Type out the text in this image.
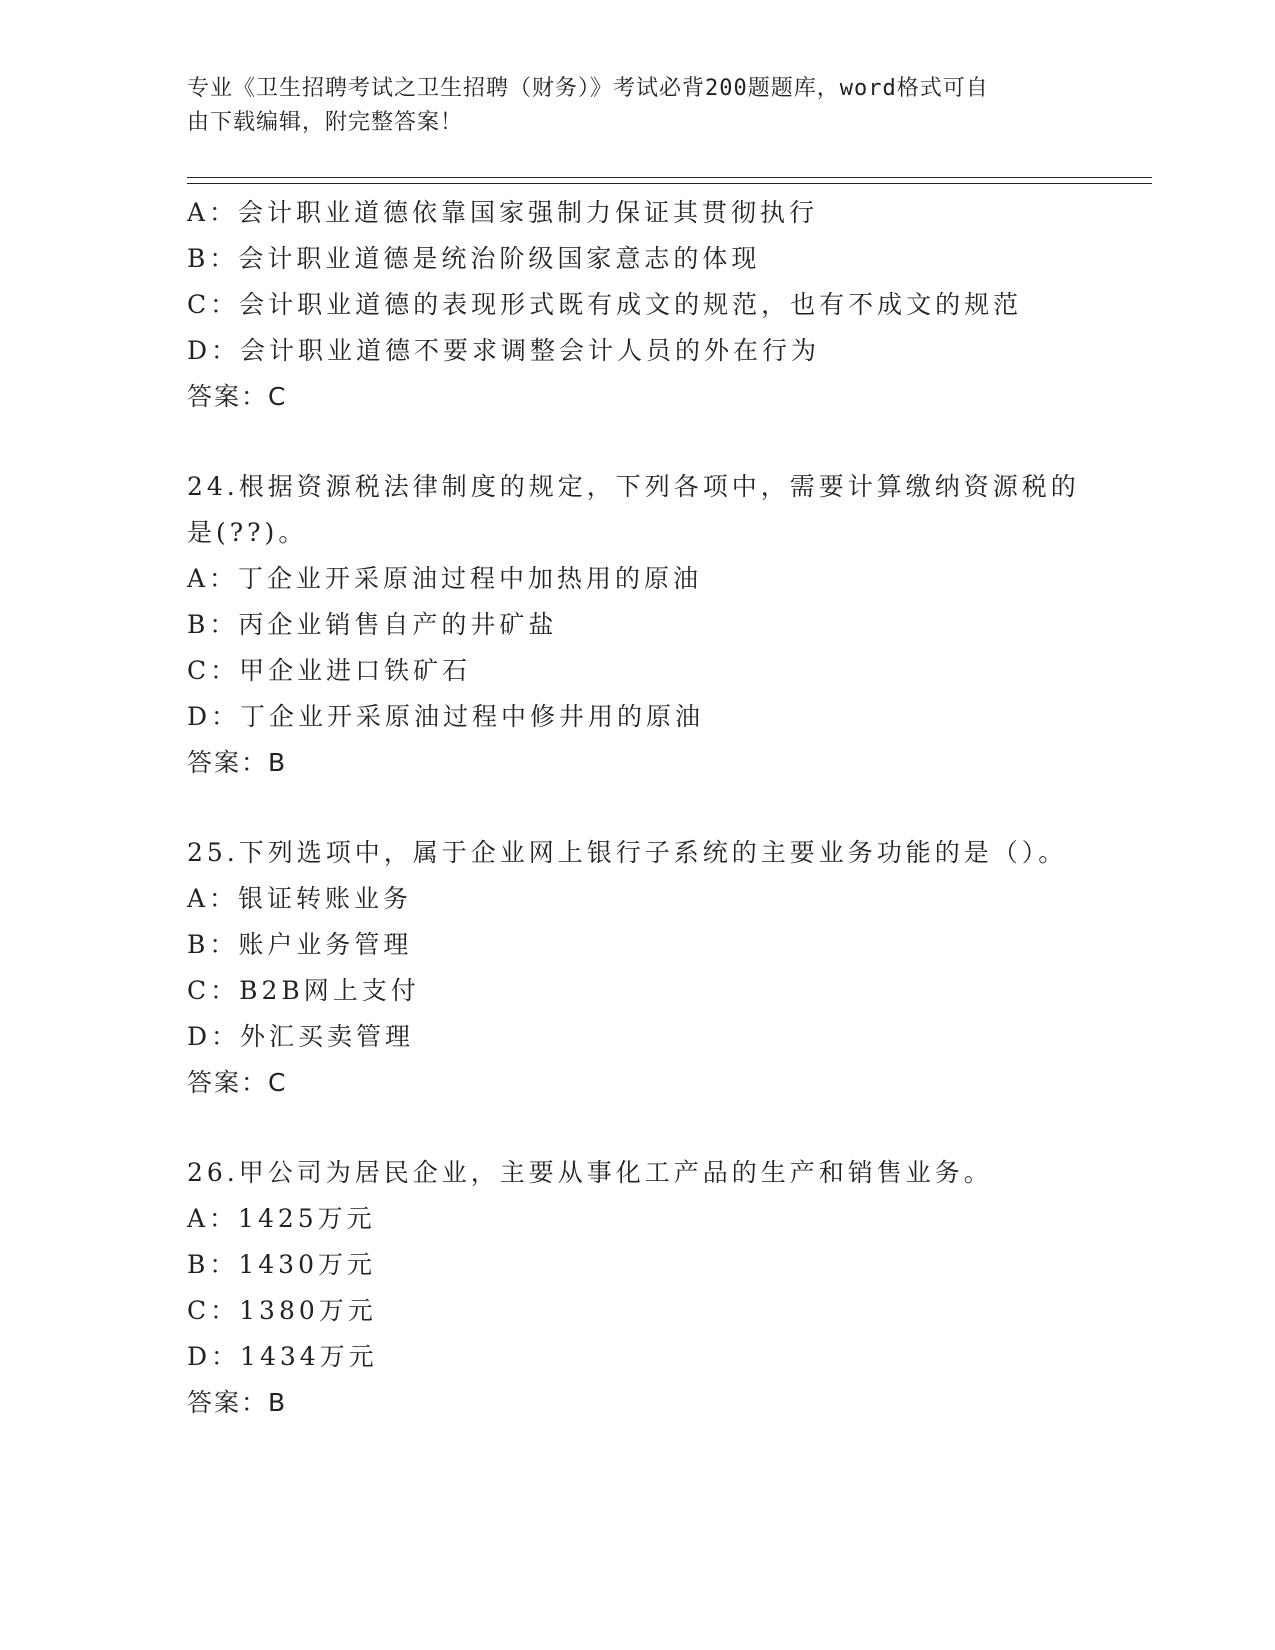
专业《卫生招聘考试之卫生招聘（财务）》考试必背200题题库，word格式可自
由下载编辑，附完整答案！
A：会计职业道德依靠国家强制力保证其贯彻执行
B：会计职业道德是统治阶级国家意志的体现
C：会计职业道德的表现形式既有成文的规范，也有不成文的规范
D：会计职业道德不要求调整会计人员的外在行为
答案：C
24.根据资源税法律制度的规定，下列各项中，需要计算缴纳资源税的
是(??)。
A：丁企业开采原油过程中加热用的原油
B：丙企业销售自产的井矿盐
C：甲企业进口铁矿石
D：丁企业开采原油过程中修井用的原油
答案：B
25.下列选项中，属于企业网上银行子系统的主要业务功能的是（）。
A：银证转账业务
B：账户业务管理
C：B2B网上支付
D：外汇买卖管理
答案：C
26.甲公司为居民企业，主要从事化工产品的生产和销售业务。
A：1425万元
B：1430万元
C：1380万元
D：1434万元
答案：B
